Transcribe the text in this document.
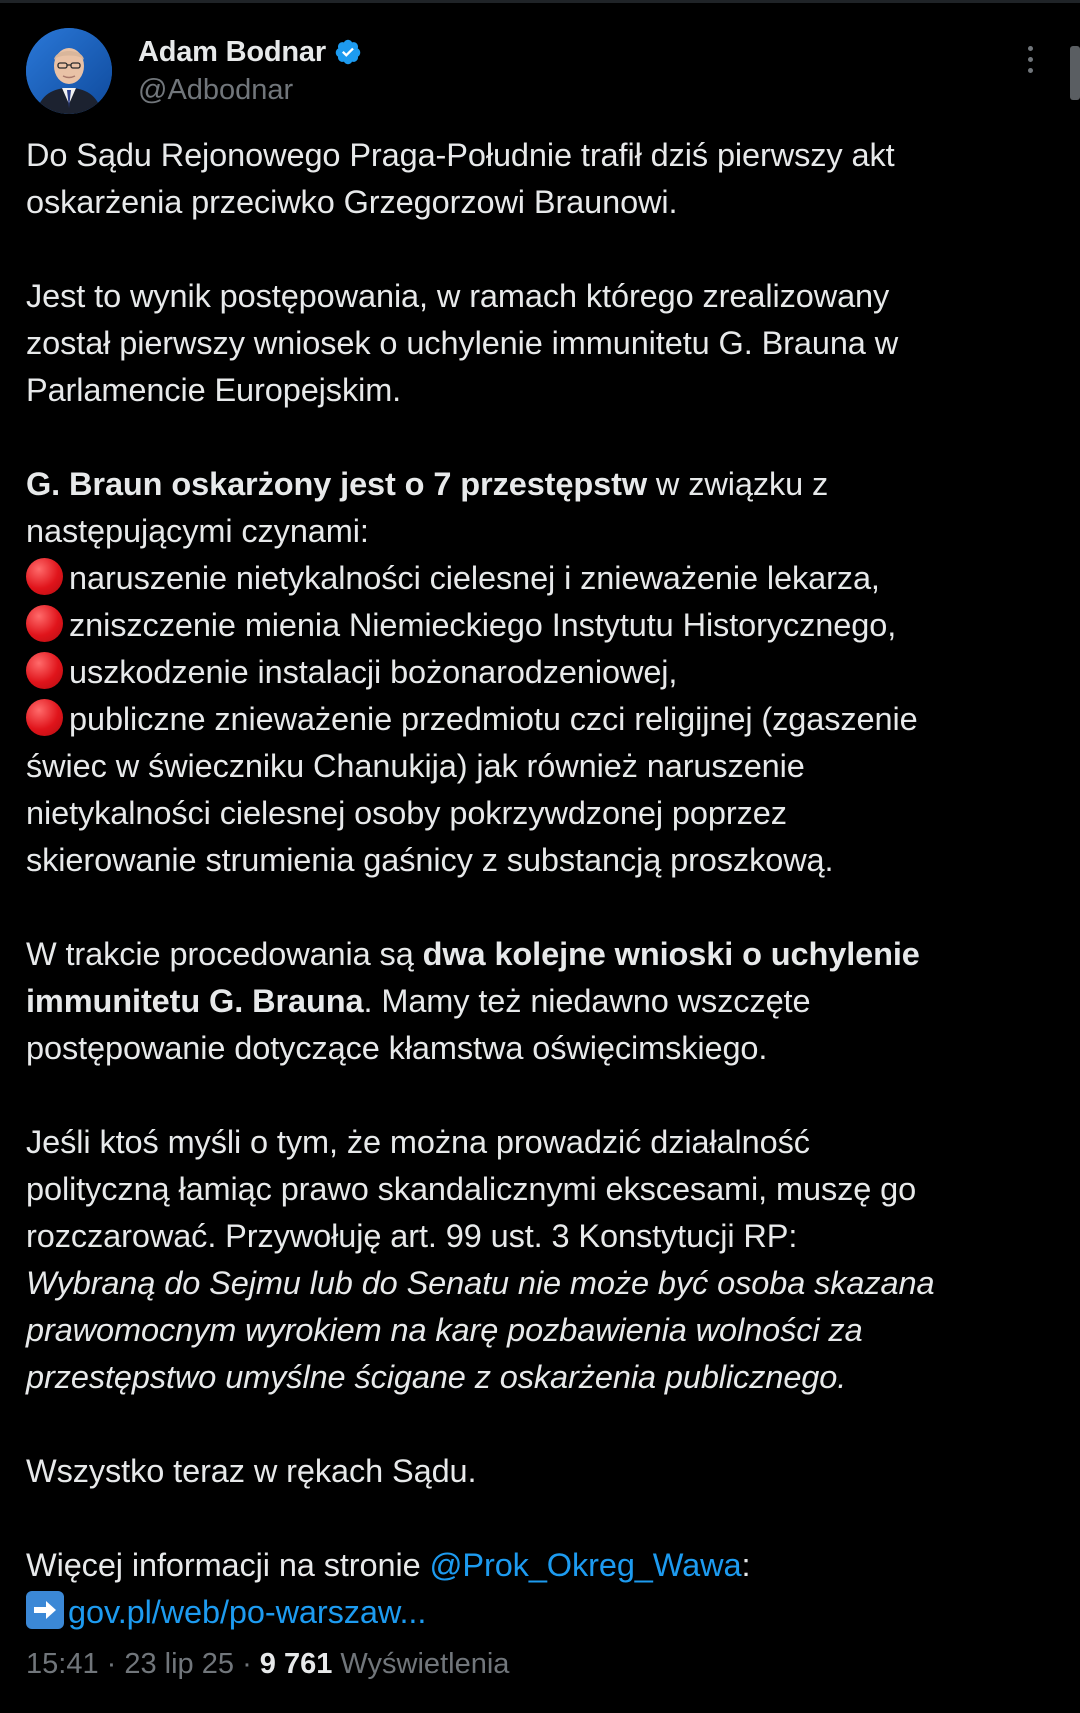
Adam Bodnar
@Adbodnar
Do Sądu Rejonowego Praga-Południe trafił dziś pierwszy akt
oskarżenia przeciwko Grzegorzowi Braunowi.
Jest to wynik postępowania, w ramach którego zrealizowany
został pierwszy wniosek o uchylenie immunitetu G. Brauna w
Parlamencie Europejskim.
G. Braun oskarżony jest o 7 przestępstw w związku z
następującymi czynami:
naruszenie nietykalności cielesnej i znieważenie lekarza,
zniszczenie mienia Niemieckiego Instytutu Historycznego,
uszkodzenie instalacji bożonarodzeniowej,
publiczne znieważenie przedmiotu czci religijnej (zgaszenie
świec w świeczniku Chanukija) jak również naruszenie
nietykalności cielesnej osoby pokrzywdzonej poprzez
skierowanie strumienia gaśnicy z substancją proszkową.
W trakcie procedowania są dwa kolejne wnioski o uchylenie
immunitetu G. Brauna. Mamy też niedawno wszczęte
postępowanie dotyczące kłamstwa oświęcimskiego.
Jeśli ktoś myśli o tym, że można prowadzić działalność
polityczną łamiąc prawo skandalicznymi ekscesami, muszę go
rozczarować. Przywołuję art. 99 ust. 3 Konstytucji RP:
Wybraną do Sejmu lub do Senatu nie może być osoba skazana
prawomocnym wyrokiem na karę pozbawienia wolności za
przestępstwo umyślne ścigane z oskarżenia publicznego.
Wszystko teraz w rękach Sądu.
Więcej informacji na stronie @Prok_Okreg_Wawa:
gov.pl/web/po-warszaw...
15:41 · 23 lip 25 · 9 761 Wyświetlenia
